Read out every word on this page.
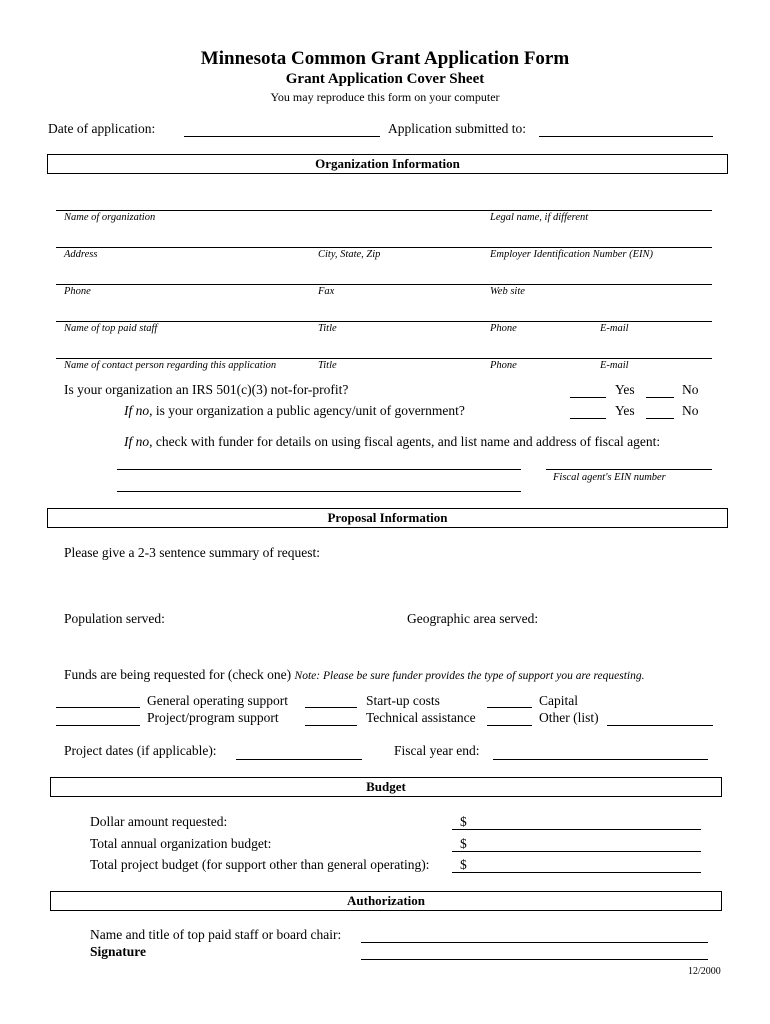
Minnesota Common Grant Application Form
Grant Application Cover Sheet
You may reproduce this form on your computer
Date of application:	Application submitted to:
Organization Information
Name of organization	Legal name, if different
Address	City, State, Zip	Employer Identification Number (EIN)
Phone	Fax	Web site
Name of top paid staff	Title	Phone	E-mail
Name of contact person regarding this application	Title	Phone	E-mail
Is your organization an IRS 501(c)(3) not-for-profit?	Yes	No
If no, is your organization a public agency/unit of government?	Yes	No
If no, check with funder for details on using fiscal agents, and list name and address of fiscal agent:
Fiscal agent's EIN number
Proposal Information
Please give a 2-3 sentence summary of request:
Population served:	Geographic area served:
Funds are being requested for (check one) Note: Please be sure funder provides the type of support you are requesting.
General operating support	Start-up costs	Capital
Project/program support	Technical assistance	Other (list)
Project dates (if applicable):	Fiscal year end:
Budget
Dollar amount requested:	$
Total annual organization budget:	$
Total project budget (for support other than general operating): $
Authorization
Name and title of top paid staff or board chair:
Signature
12/2000
